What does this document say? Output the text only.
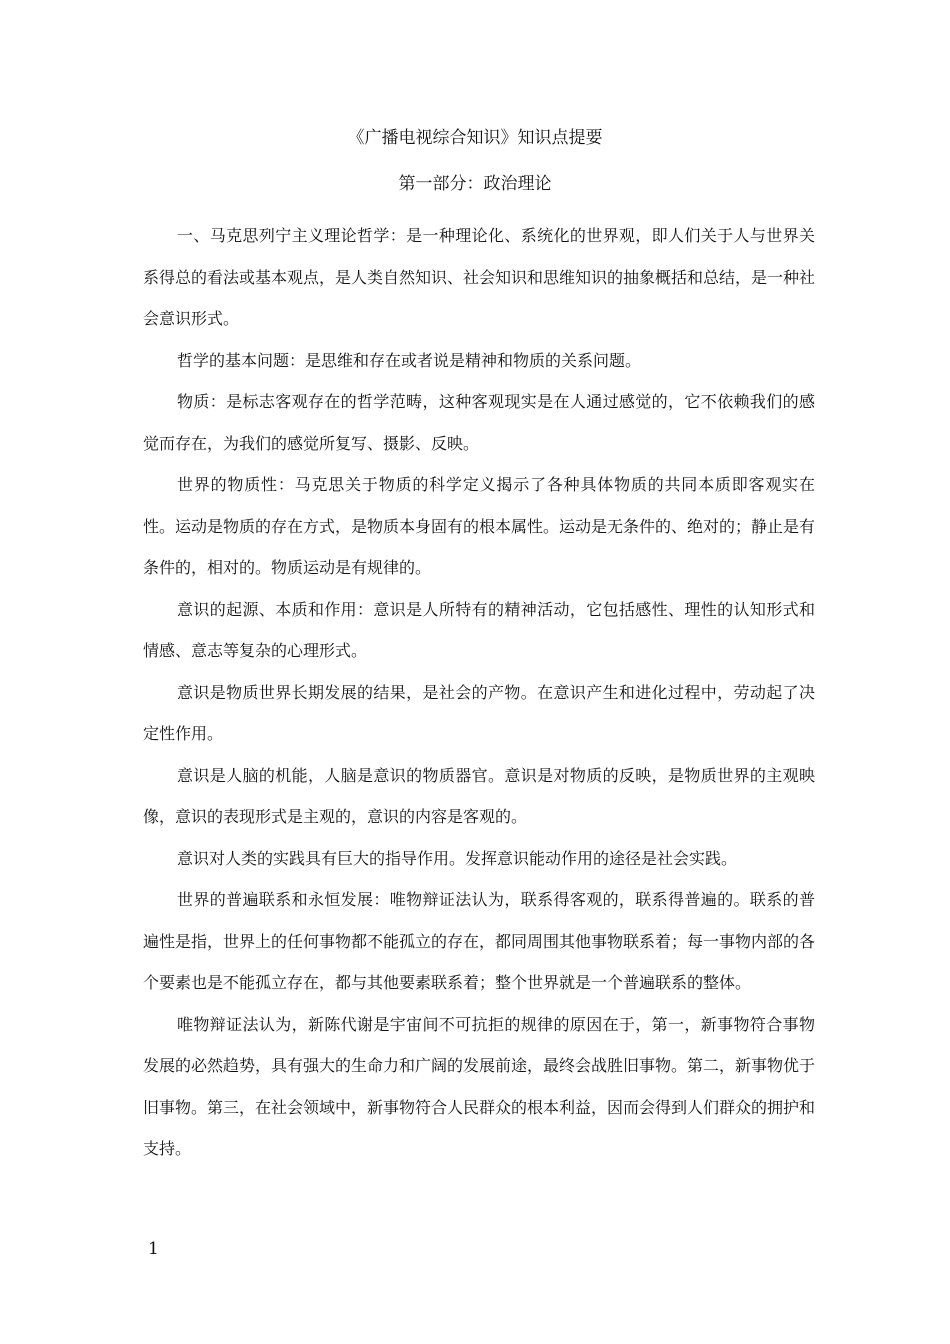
《广播电视综合知识》知识点提要
第一部分：政治理论

一、马克思列宁主义理论哲学：是一种理论化、系统化的世界观，即人们关于人与世界关系得总的看法或基本观点，是人类自然知识、社会知识和思维知识的抽象概括和总结，是一种社会意识形式。

哲学的基本问题：是思维和存在或者说是精神和物质的关系问题。

物质：是标志客观存在的哲学范畴，这种客观现实是在人通过感觉的，它不依赖我们的感觉而存在，为我们的感觉所复写、摄影、反映。

世界的物质性：马克思关于物质的科学定义揭示了各种具体物质的共同本质即客观实在性。运动是物质的存在方式，是物质本身固有的根本属性。运动是无条件的、绝对的；静止是有条件的，相对的。物质运动是有规律的。

意识的起源、本质和作用：意识是人所特有的精神活动，它包括感性、理性的认知形式和情感、意志等复杂的心理形式。

意识是物质世界长期发展的结果，是社会的产物。在意识产生和进化过程中，劳动起了决定性作用。

意识是人脑的机能，人脑是意识的物质器官。意识是对物质的反映，是物质世界的主观映像，意识的表现形式是主观的，意识的内容是客观的。

意识对人类的实践具有巨大的指导作用。发挥意识能动作用的途径是社会实践。

世界的普遍联系和永恒发展：唯物辩证法认为，联系得客观的，联系得普遍的。联系的普遍性是指，世界上的任何事物都不能孤立的存在，都同周围其他事物联系着；每一事物内部的各个要素也是不能孤立存在，都与其他要素联系着；整个世界就是一个普遍联系的整体。

唯物辩证法认为，新陈代谢是宇宙间不可抗拒的规律的原因在于，第一，新事物符合事物发展的必然趋势，具有强大的生命力和广阔的发展前途，最终会战胜旧事物。第二，新事物优于旧事物。第三，在社会领域中，新事物符合人民群众的根本利益，因而会得到人们群众的拥护和支持。

1
